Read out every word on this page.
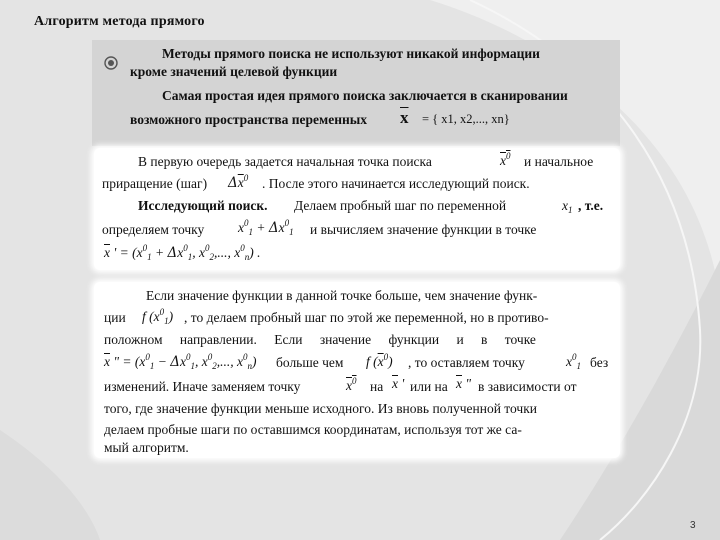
Алгоритм метода прямого
Методы прямого поиска не используют никакой информации
кроме значений целевой функции
Самая простая идея прямого поиска заключается в сканировании
возможного пространства переменных $\overline{x}$ = { x1, x2,..., xn}
В первую очередь задается начальная точка поиска	$x^0$ и начальное
приращение (шаг) $\Delta\overline{x}^0$ . После этого начинается исследующий поиск.
Исследующий поиск. Делаем пробный шаг по переменной	$x_1$ , т.е.
определяем точку $x^0_1 + \Delta x^0_1$ и вычисляем значение функции в точке
$\overline{x}$ ' = ($x^0_1 + \Delta x^0_1$, $x^0_2$,..., $x^0_n$) .
Если значение функции в данной точке больше, чем значение функ-
ции f $(x^0_1)$ , то делаем пробный шаг по этой же переменной, но в противо-
положном направлении. Если значение функции и в точке
$\overline{x}$ " = ($x^0_1 - \Delta x^0_1$, $x^0_2$,..., $x^0_n$) больше чем f $(\overline{x}^0)$ , то оставляем точку	$x^0_1$ без
изменений. Иначе заменяем точку	$x^0$ на $\overline{x}$ ' или на $\overline{x}$ " в зависимости от
того, где значение функции меньше исходного. Из вновь полученной точки
делаем пробные шаги по оставшимся координатам, используя тот же са-
мый алгоритм.
3
